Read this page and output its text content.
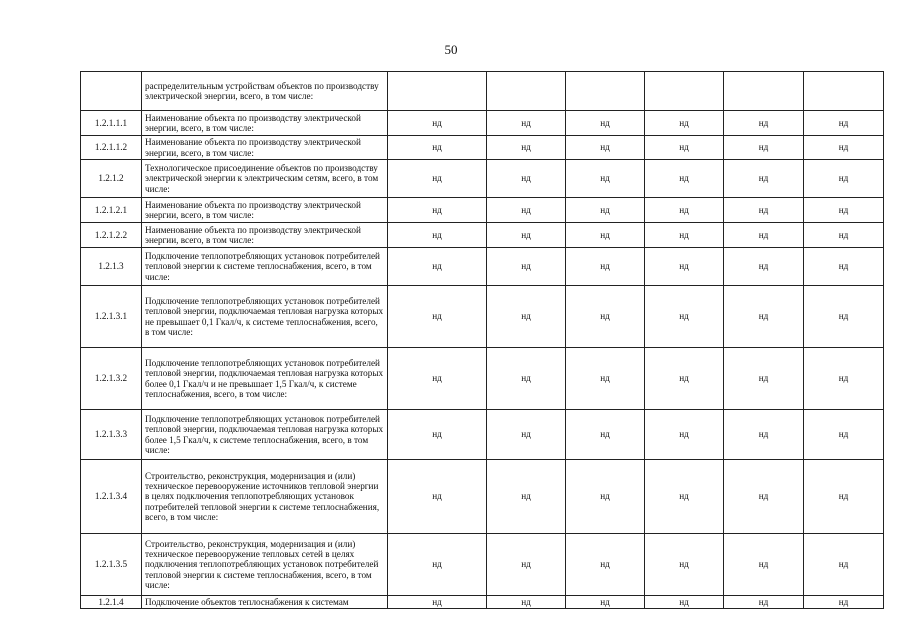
50
	распределительным устройствам объектов по производству электрической энергии, всего, в том числе:						
1.2.1.1.1	Наименование объекта по производству электрической энергии, всего, в том числе:	нд	нд	нд	нд	нд	нд
1.2.1.1.2	Наименование объекта по производству электрической энергии, всего, в том числе:	нд	нд	нд	нд	нд	нд
1.2.1.2	Технологическое присоединение объектов по производству электрической энергии к электрическим сетям, всего, в том числе:	нд	нд	нд	нд	нд	нд
1.2.1.2.1	Наименование объекта по производству электрической энергии, всего, в том числе:	нд	нд	нд	нд	нд	нд
1.2.1.2.2	Наименование объекта по производству электрической энергии, всего, в том числе:	нд	нд	нд	нд	нд	нд
1.2.1.3	Подключение теплопотребляющих установок потребителей тепловой энергии к системе теплоснабжения, всего, в том числе:	нд	нд	нд	нд	нд	нд
1.2.1.3.1	Подключение теплопотребляющих установок потребителей тепловой энергии, подключаемая тепловая нагрузка которых не превышает 0,1 Гкал/ч, к системе теплоснабжения, всего, в том числе:	нд	нд	нд	нд	нд	нд
1.2.1.3.2	Подключение теплопотребляющих установок потребителей тепловой энергии, подключаемая тепловая нагрузка которых более 0,1 Гкал/ч и не превышает 1,5 Гкал/ч, к системе теплоснабжения, всего, в том числе:	нд	нд	нд	нд	нд	нд
1.2.1.3.3	Подключение теплопотребляющих установок потребителей тепловой энергии, подключаемая тепловая нагрузка которых более 1,5 Гкал/ч, к системе теплоснабжения, всего, в том числе:	нд	нд	нд	нд	нд	нд
1.2.1.3.4	Строительство, реконструкция, модернизация и (или) техническое перевооружение источников тепловой энергии в целях подключения теплопотребляющих установок потребителей тепловой энергии к системе теплоснабжения, всего, в том числе:	нд	нд	нд	нд	нд	нд
1.2.1.3.5	Строительство, реконструкция, модернизация и (или) техническое перевооружение тепловых сетей в целях подключения теплопотребляющих установок потребителей тепловой энергии к системе теплоснабжения, всего, в том числе:	нд	нд	нд	нд	нд	нд
1.2.1.4	Подключение объектов теплоснабжения к системам	нд	нд	нд	нд	нд	нд
